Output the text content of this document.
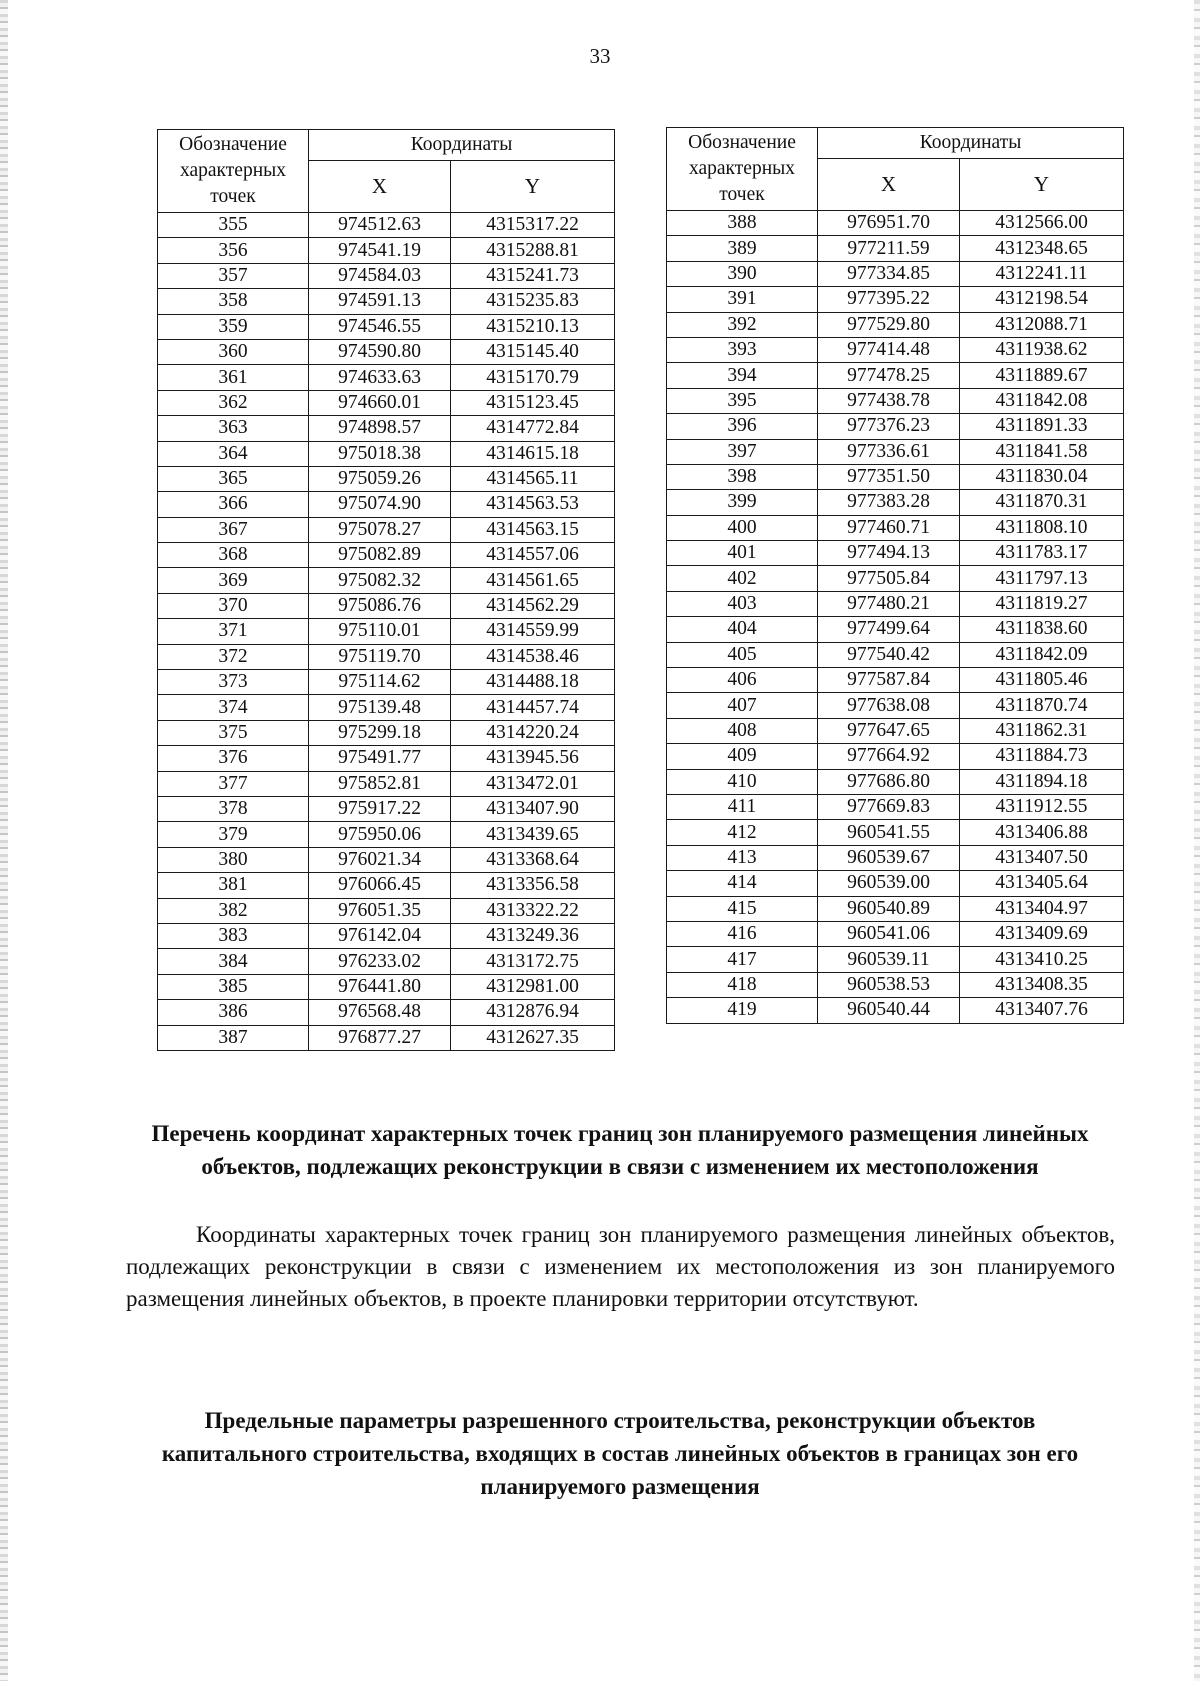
33
Обозначение характерных точек	Координаты	
	X	Y
355	974512.63	4315317.22
356	974541.19	4315288.81
357	974584.03	4315241.73
358	974591.13	4315235.83
359	974546.55	4315210.13
360	974590.80	4315145.40
361	974633.63	4315170.79
362	974660.01	4315123.45
363	974898.57	4314772.84
364	975018.38	4314615.18
365	975059.26	4314565.11
366	975074.90	4314563.53
367	975078.27	4314563.15
368	975082.89	4314557.06
369	975082.32	4314561.65
370	975086.76	4314562.29
371	975110.01	4314559.99
372	975119.70	4314538.46
373	975114.62	4314488.18
374	975139.48	4314457.74
375	975299.18	4314220.24
376	975491.77	4313945.56
377	975852.81	4313472.01
378	975917.22	4313407.90
379	975950.06	4313439.65
380	976021.34	4313368.64
381	976066.45	4313356.58
382	976051.35	4313322.22
383	976142.04	4313249.36
384	976233.02	4313172.75
385	976441.80	4312981.00
386	976568.48	4312876.94
387	976877.27	4312627.35
Обозначение характерных точек	Координаты	
	X	Y
388	976951.70	4312566.00
389	977211.59	4312348.65
390	977334.85	4312241.11
391	977395.22	4312198.54
392	977529.80	4312088.71
393	977414.48	4311938.62
394	977478.25	4311889.67
395	977438.78	4311842.08
396	977376.23	4311891.33
397	977336.61	4311841.58
398	977351.50	4311830.04
399	977383.28	4311870.31
400	977460.71	4311808.10
401	977494.13	4311783.17
402	977505.84	4311797.13
403	977480.21	4311819.27
404	977499.64	4311838.60
405	977540.42	4311842.09
406	977587.84	4311805.46
407	977638.08	4311870.74
408	977647.65	4311862.31
409	977664.92	4311884.73
410	977686.80	4311894.18
411	977669.83	4311912.55
412	960541.55	4313406.88
413	960539.67	4313407.50
414	960539.00	4313405.64
415	960540.89	4313404.97
416	960541.06	4313409.69
417	960539.11	4313410.25
418	960538.53	4313408.35
419	960540.44	4313407.76
Перечень координат характерных точек границ зон планируемого размещения линейных объектов, подлежащих реконструкции в связи с изменением их местоположения
Координаты характерных точек границ зон планируемого размещения линейных объектов, подлежащих реконструкции в связи с изменением их местоположения из зон планируемого размещения линейных объектов, в проекте планировки территории отсутствуют.
Предельные параметры разрешенного строительства, реконструкции объектов капитального строительства, входящих в состав линейных объектов в границах зон его планируемого размещения
